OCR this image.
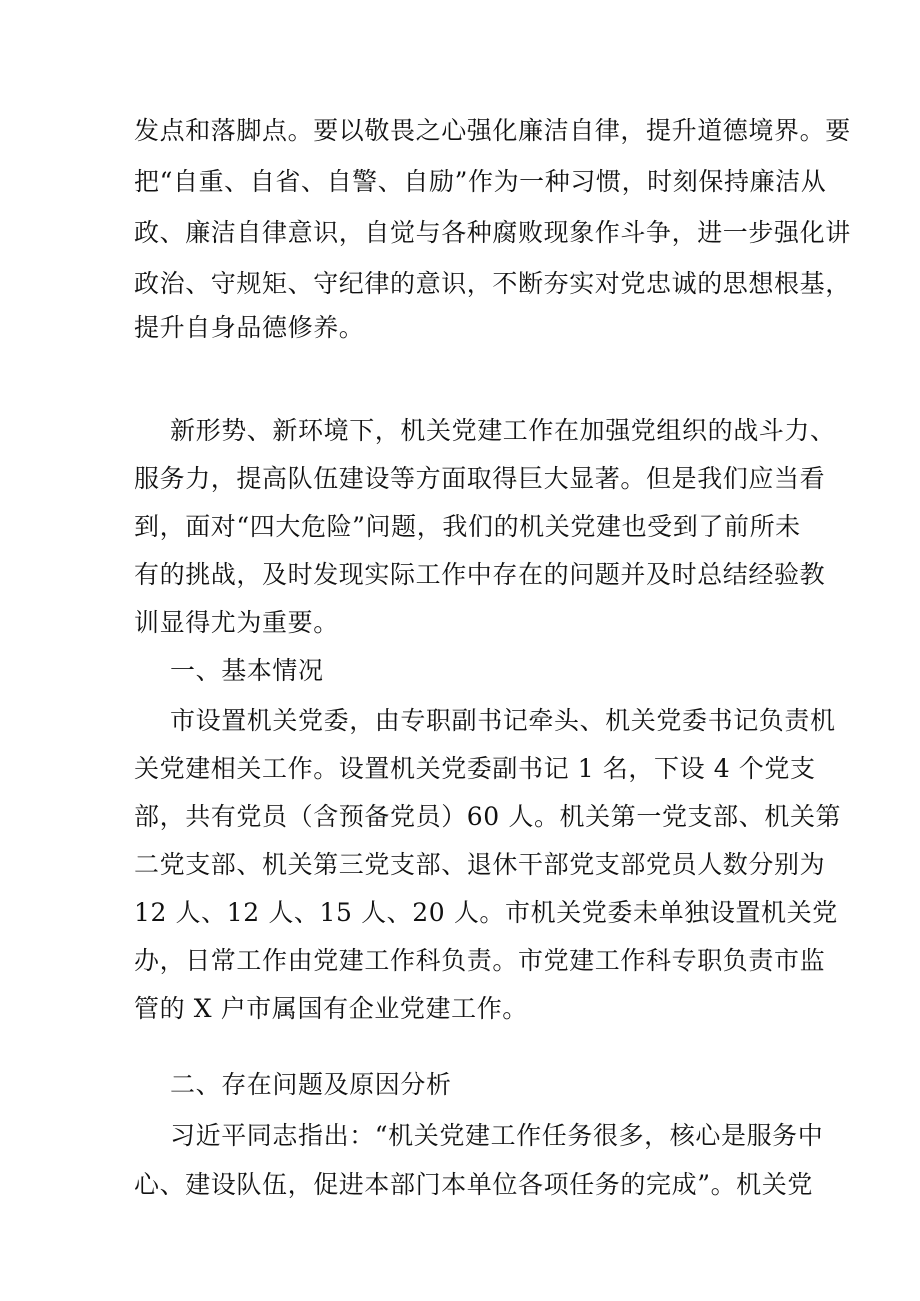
发点和落脚点。要以敬畏之心强化廉洁自律，提升道德境界。要
把“自重、自省、自警、自励”作为一种习惯，时刻保持廉洁从
政、廉洁自律意识，自觉与各种腐败现象作斗争，进一步强化讲
政治、守规矩、守纪律的意识，不断夯实对党忠诚的思想根基，
提升自身品德修养。
新形势、新环境下，机关党建工作在加强党组织的战斗力、
服务力，提高队伍建设等方面取得巨大显著。但是我们应当看
到，面对“四大危险”问题，我们的机关党建也受到了前所未
有的挑战，及时发现实际工作中存在的问题并及时总结经验教
训显得尤为重要。
一、基本情况
市设置机关党委，由专职副书记牵头、机关党委书记负责机
关党建相关工作。设置机关党委副书记 1 名，下设 4 个党支
部，共有党员（含预备党员）60 人。机关第一党支部、机关第
二党支部、机关第三党支部、退休干部党支部党员人数分别为
12 人、12 人、15 人、20 人。市机关党委未单独设置机关党
办，日常工作由党建工作科负责。市党建工作科专职负责市监
管的 X 户市属国有企业党建工作。
二、存在问题及原因分析
习近平同志指出：“机关党建工作任务很多，核心是服务中
心、建设队伍，促进本部门本单位各项任务的完成”。机关党
